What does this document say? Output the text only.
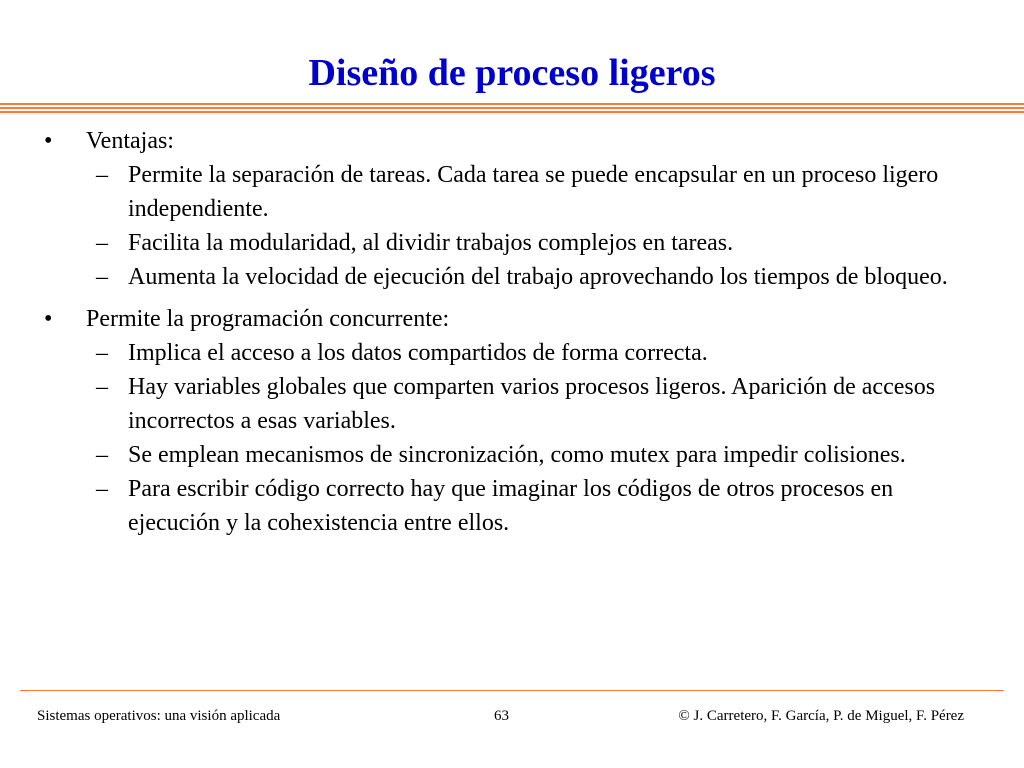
Diseño de proceso ligeros

• Ventajas:

– Permite la separación de tareas. Cada tarea se puede encapsular en un proceso ligero independiente.

– Facilita la modularidad, al dividir trabajos complejos en tareas.

– Aumenta la velocidad de ejecución del trabajo aprovechando los tiempos de bloqueo.

• Permite la programación concurrente:

– Implica el acceso a los datos compartidos de forma correcta.

– Hay variables globales que comparten varios procesos ligeros. Aparición de accesos incorrectos a esas variables.

– Se emplean mecanismos de sincronización, como mutex para impedir colisiones.

– Para escribir código correcto hay que imaginar los códigos de otros procesos en ejecución y la cohexistencia entre ellos.

Sistemas operativos: una visión aplicada	63	© J. Carretero, F. García, P. de Miguel, F. Pérez
